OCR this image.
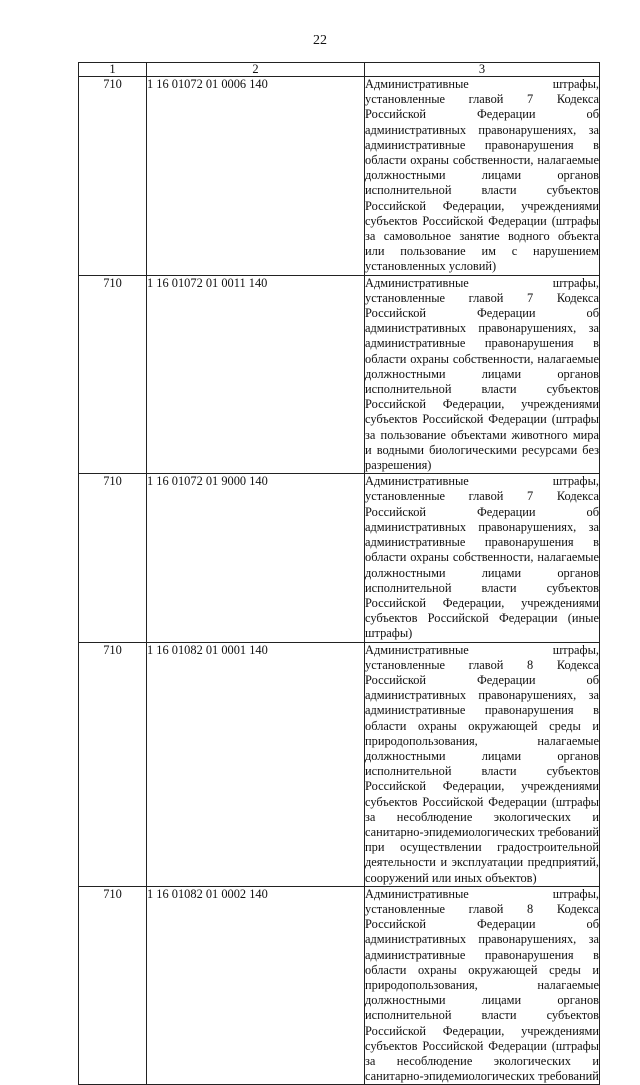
22
1	2	3
710	1 16 01072 01 0006 140	Административные штрафы, установленные главой 7 Кодекса Российской Федерации об административных правонарушениях, за административные правонарушения в области охраны собственности, налагаемые должностными лицами органов исполнительной власти субъектов Российской Федерации, учреждениями субъектов Российской Федерации (штрафы за самовольное занятие водного объекта или пользование им с нарушением установленных условий)
710	1 16 01072 01 0011 140	Административные штрафы, установленные главой 7 Кодекса Российской Федерации об административных правонарушениях, за административные правонарушения в области охраны собственности, налагаемые должностными лицами органов исполнительной власти субъектов Российской Федерации, учреждениями субъектов Российской Федерации (штрафы за пользование объектами животного мира и водными биологическими ресурсами без разрешения)
710	1 16 01072 01 9000 140	Административные штрафы, установленные главой 7 Кодекса Российской Федерации об административных правонарушениях, за административные правонарушения в области охраны собственности, налагаемые должностными лицами органов исполнительной власти субъектов Российской Федерации, учреждениями субъектов Российской Федерации (иные штрафы)
710	1 16 01082 01 0001 140	Административные штрафы, установленные главой 8 Кодекса Российской Федерации об административных правонарушениях, за административные правонарушения в области охраны окружающей среды и природопользования, налагаемые должностными лицами органов исполнительной власти субъектов Российской Федерации, учреждениями субъектов Российской Федерации (штрафы за несоблюдение экологических и санитарно-эпидемиологических требований при осуществлении градостроительной деятельности и эксплуатации предприятий, сооружений или иных объектов)
710	1 16 01082 01 0002 140	Административные штрафы, установленные главой 8 Кодекса Российской Федерации об административных правонарушениях, за административные правонарушения в области охраны окружающей среды и природопользования, налагаемые должностными лицами органов исполнительной власти субъектов Российской Федерации, учреждениями субъектов Российской Федерации (штрафы за несоблюдение экологических и санитарно-эпидемиологических требований
